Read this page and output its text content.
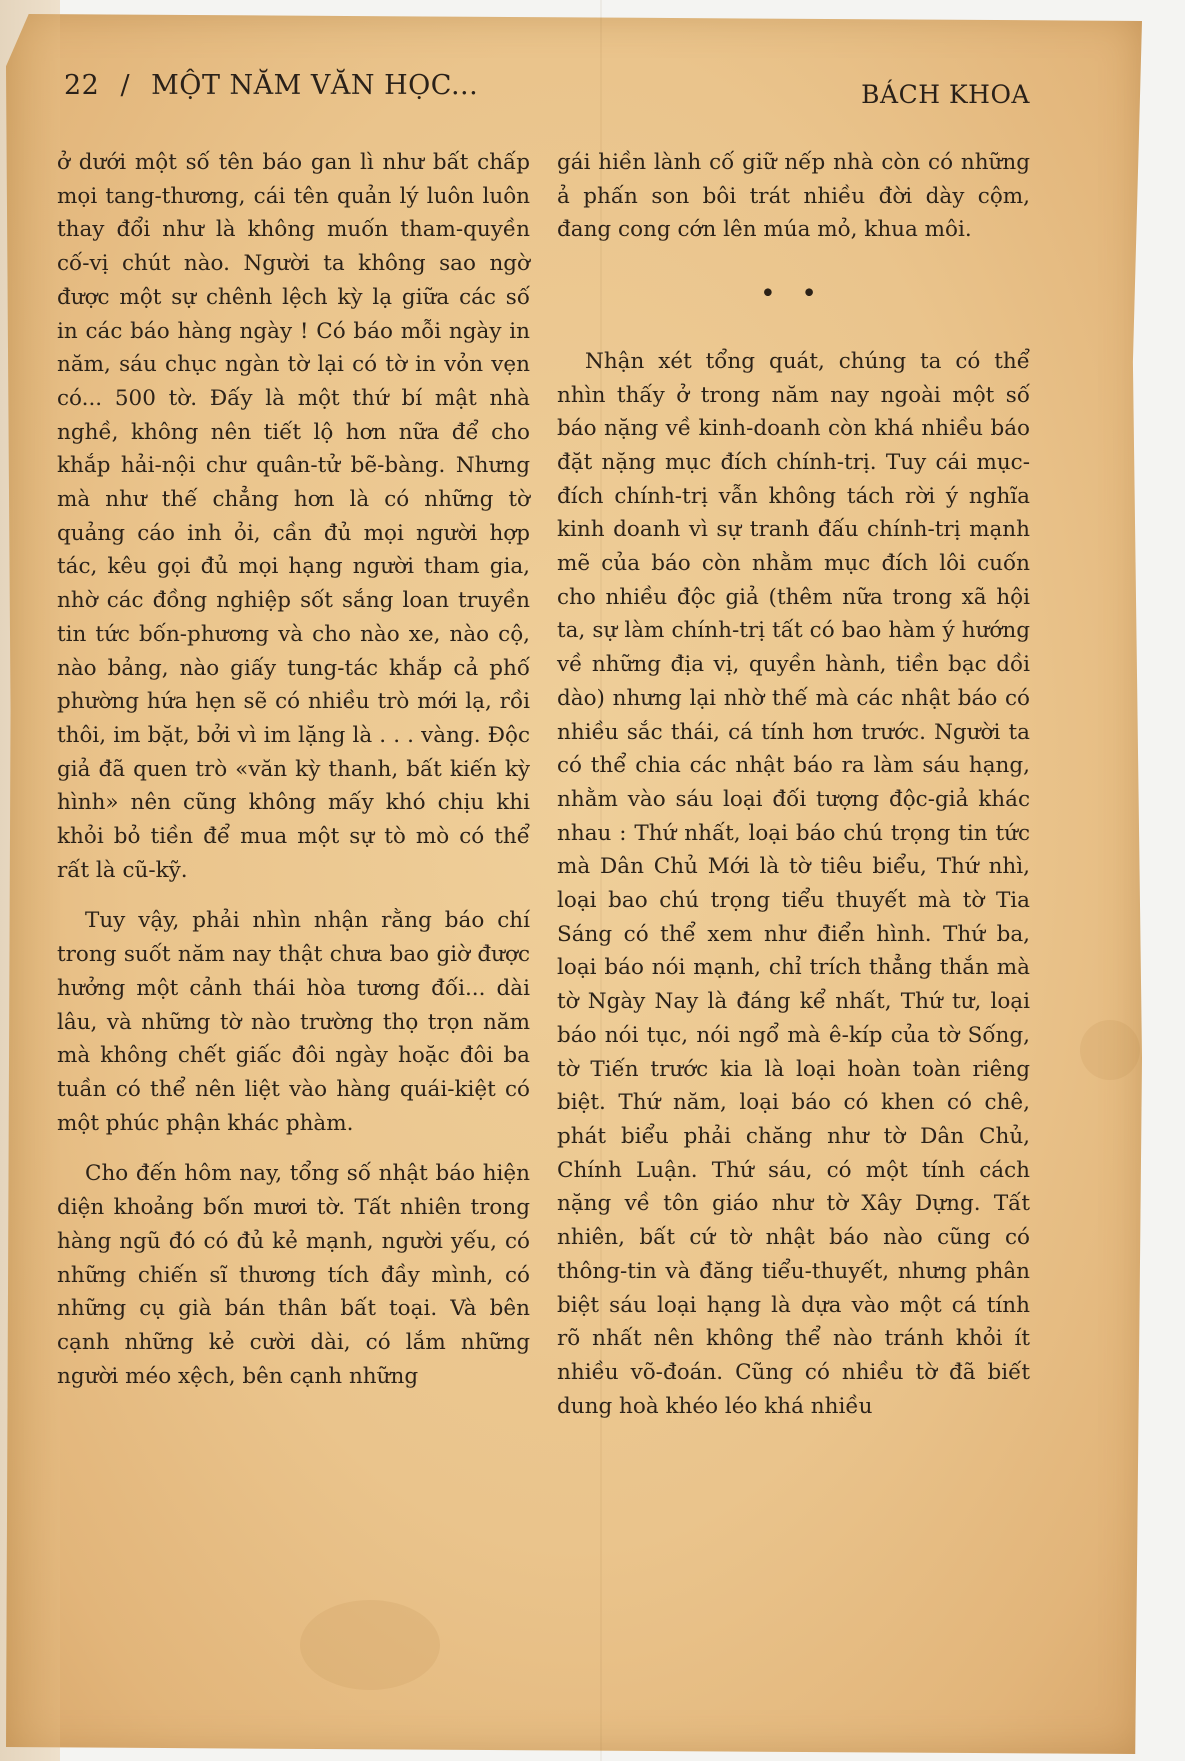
22 / MỘT NĂM VĂN HỌC...	BÁCH KHOA

ở dưới một số tên báo gan lì như bất chấp mọi tang-thương, cái tên quản lý luôn luôn thay đổi như là không muốn tham-quyền cố-vị chút nào. Người ta không sao ngờ được một sự chênh lệch kỳ lạ giữa các số in các báo hàng ngày ! Có báo mỗi ngày in năm, sáu chục ngàn tờ lại có tờ in vỏn vẹn có... 500 tờ. Đấy là một thứ bí mật nhà nghề, không nên tiết lộ hơn nữa để cho khắp hải-nội chư quân-tử bẽ-bàng. Nhưng mà như thế chẳng hơn là có những tờ quảng cáo inh ỏi, cần đủ mọi người hợp tác, kêu gọi đủ mọi hạng người tham gia, nhờ các đồng nghiệp sốt sắng loan truyền tin tức bốn-phương và cho nào xe, nào cộ, nào bảng, nào giấy tung-tác khắp cả phố phường hứa hẹn sẽ có nhiều trò mới lạ, rồi thôi, im bặt, bởi vì im lặng là . . . vàng. Độc giả đã quen trò «văn kỳ thanh, bất kiến kỳ hình» nên cũng không mấy khó chịu khi khỏi bỏ tiền để mua một sự tò mò có thể rất là cũ-kỹ.

Tuy vậy, phải nhìn nhận rằng báo chí trong suốt năm nay thật chưa bao giờ được hưởng một cảnh thái hòa tương đối... dài lâu, và những tờ nào trường thọ trọn năm mà không chết giấc đôi ngày hoặc đôi ba tuần có thể nên liệt vào hàng quái-kiệt có một phúc phận khác phàm.

Cho đến hôm nay, tổng số nhật báo hiện diện khoảng bốn mươi tờ. Tất nhiên trong hàng ngũ đó có đủ kẻ mạnh, người yếu, có những chiến sĩ thương tích đầy mình, có những cụ già bán thân bất toại. Và bên cạnh những kẻ cười dài, có lắm những người méo xệch, bên cạnh những

gái hiền lành cố giữ nếp nhà còn có những ả phấn son bôi trát nhiều đời dày cộm, đang cong cớn lên múa mỏ, khua môi.

• •

Nhận xét tổng quát, chúng ta có thể nhìn thấy ở trong năm nay ngoài một số báo nặng về kinh-doanh còn khá nhiều báo đặt nặng mục đích chính-trị. Tuy cái mục-đích chính-trị vẫn không tách rời ý nghĩa kinh doanh vì sự tranh đấu chính-trị mạnh mẽ của báo còn nhằm mục đích lôi cuốn cho nhiều độc giả (thêm nữa trong xã hội ta, sự làm chính-trị tất có bao hàm ý hướng về những địa vị, quyền hành, tiền bạc dồi dào) nhưng lại nhờ thế mà các nhật báo có nhiều sắc thái, cá tính hơn trước. Người ta có thể chia các nhật báo ra làm sáu hạng, nhằm vào sáu loại đối tượng độc-giả khác nhau : Thứ nhất, loại báo chú trọng tin tức mà Dân Chủ Mới là tờ tiêu biểu, Thứ nhì, loại bao chú trọng tiểu thuyết mà tờ Tia Sáng có thể xem như điển hình. Thứ ba, loại báo nói mạnh, chỉ trích thẳng thắn mà tờ Ngày Nay là đáng kể nhất, Thứ tư, loại báo nói tục, nói ngổ mà ê-kíp của tờ Sống, tờ Tiến trước kia là loại hoàn toàn riêng biệt. Thứ năm, loại báo có khen có chê, phát biểu phải chăng như tờ Dân Chủ, Chính Luận. Thứ sáu, có một tính cách nặng về tôn giáo như tờ Xây Dựng. Tất nhiên, bất cứ tờ nhật báo nào cũng có thông-tin và đăng tiểu-thuyết, nhưng phân biệt sáu loại hạng là dựa vào một cá tính rõ nhất nên không thể nào tránh khỏi ít nhiều võ-đoán. Cũng có nhiều tờ đã biết dung hoà khéo léo khá nhiều
